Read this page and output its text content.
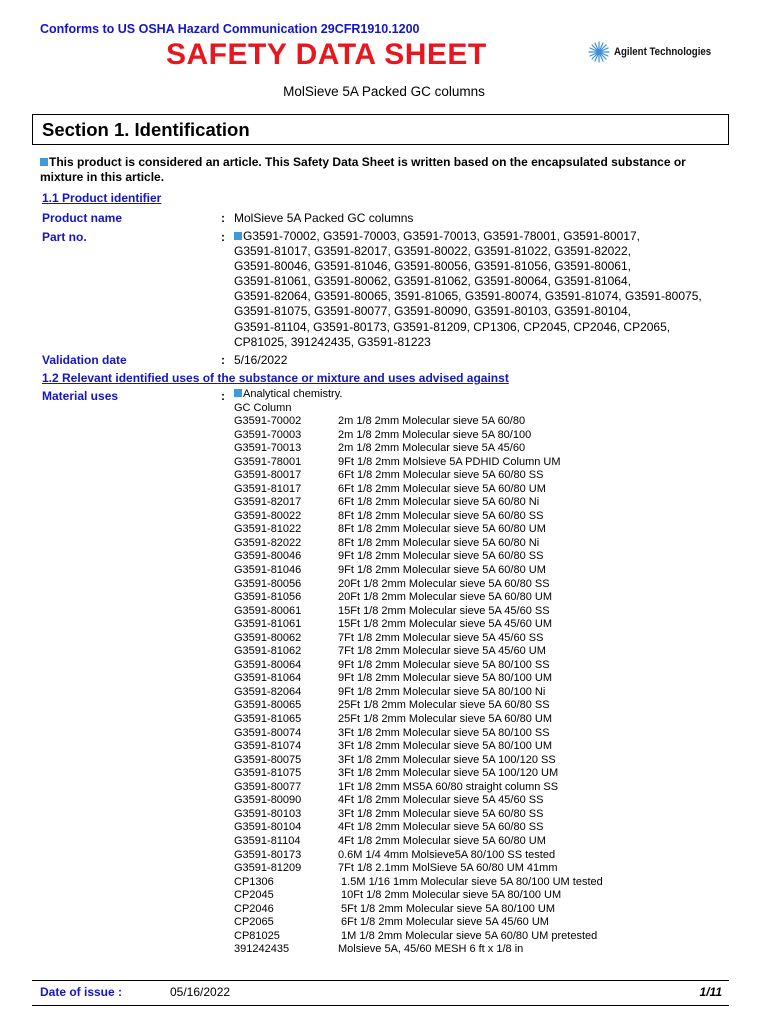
Conforms to US OSHA Hazard Communication 29CFR1910.1200
SAFETY DATA SHEET	Agilent Technologies
MolSieve 5A Packed GC columns
Section 1. Identification
This product is considered an article. This Safety Data Sheet is written based on the encapsulated substance or mixture in this article.
1.1 Product identifier
Product name	: MolSieve 5A Packed GC columns
Part no.	:	G3591-70002, G3591-70003, G3591-70013, G3591-78001, G3591-80017,
G3591-81017, G3591-82017, G3591-80022, G3591-81022, G3591-82022,
G3591-80046, G3591-81046, G3591-80056, G3591-81056, G3591-80061,
G3591-81061, G3591-80062, G3591-81062, G3591-80064, G3591-81064,
G3591-82064, G3591-80065, 3591-81065, G3591-80074, G3591-81074, G3591-80075,
G3591-81075, G3591-80077, G3591-80090, G3591-80103, G3591-80104,
G3591-81104, G3591-80173, G3591-81209, CP1306, CP2045, CP2046, CP2065,
CP81025, 391242435, G3591-81223
Validation date	: 5/16/2022
1.2 Relevant identified uses of the substance or mixture and uses advised against
Material uses	:	Analytical chemistry.
GC Column
G3591-70002	2m 1/8 2mm Molecular sieve 5A 60/80
G3591-70003	2m 1/8 2mm Molecular sieve 5A 80/100
G3591-70013	2m 1/8 2mm Molecular sieve 5A 45/60
G3591-78001	9Ft 1/8 2mm Molsieve 5A PDHID Column UM
G3591-80017	6Ft 1/8 2mm Molecular sieve 5A 60/80 SS
G3591-81017	6Ft 1/8 2mm Molecular sieve 5A 60/80 UM
G3591-82017	6Ft 1/8 2mm Molecular sieve 5A 60/80 Ni
G3591-80022	8Ft 1/8 2mm Molecular sieve 5A 60/80 SS
G3591-81022	8Ft 1/8 2mm Molecular sieve 5A 60/80 UM
G3591-82022	8Ft 1/8 2mm Molecular sieve 5A 60/80 Ni
G3591-80046	9Ft 1/8 2mm Molecular sieve 5A 60/80 SS
G3591-81046	9Ft 1/8 2mm Molecular sieve 5A 60/80 UM
G3591-80056	20Ft 1/8 2mm Molecular sieve 5A 60/80 SS
G3591-81056	20Ft 1/8 2mm Molecular sieve 5A 60/80 UM
G3591-80061	15Ft 1/8 2mm Molecular sieve 5A 45/60 SS
G3591-81061	15Ft 1/8 2mm Molecular sieve 5A 45/60 UM
G3591-80062	7Ft 1/8 2mm Molecular sieve 5A 45/60 SS
G3591-81062	7Ft 1/8 2mm Molecular sieve 5A 45/60 UM
G3591-80064	9Ft 1/8 2mm Molecular sieve 5A 80/100 SS
G3591-81064	9Ft 1/8 2mm Molecular sieve 5A 80/100 UM
G3591-82064	9Ft 1/8 2mm Molecular sieve 5A 80/100 Ni
G3591-80065	25Ft 1/8 2mm Molecular sieve 5A 60/80 SS
G3591-81065	25Ft 1/8 2mm Molecular sieve 5A 60/80 UM
G3591-80074	3Ft 1/8 2mm Molecular sieve 5A 80/100 SS
G3591-81074	3Ft 1/8 2mm Molecular sieve 5A 80/100 UM
G3591-80075	3Ft 1/8 2mm Molecular sieve 5A 100/120 SS
G3591-81075	3Ft 1/8 2mm Molecular sieve 5A 100/120 UM
G3591-80077	1Ft 1/8 2mm MS5A 60/80 straight column SS
G3591-80090	4Ft 1/8 2mm Molecular sieve 5A 45/60 SS
G3591-80103	3Ft 1/8 2mm Molecular sieve 5A 60/80 SS
G3591-80104	4Ft 1/8 2mm Molecular sieve 5A 60/80 SS
G3591-81104	4Ft 1/8 2mm Molecular sieve 5A 60/80 UM
G3591-80173	0.6M 1/4 4mm Molsieve5A 80/100 SS tested
G3591-81209	7Ft 1/8 2.1mm MolSieve 5A 60/80 UM 41mm
CP1306	1.5M 1/16 1mm Molecular sieve 5A 80/100 UM tested
CP2045	10Ft 1/8 2mm Molecular sieve 5A 80/100 UM
CP2046	5Ft 1/8 2mm Molecular sieve 5A 80/100 UM
CP2065	6Ft 1/8 2mm Molecular sieve 5A 45/60 UM
CP81025	1M 1/8 2mm Molecular sieve 5A 60/80 UM pretested
391242435	Molsieve 5A, 45/60 MESH 6 ft x 1/8 in
Date of issue :	05/16/2022	1/11
